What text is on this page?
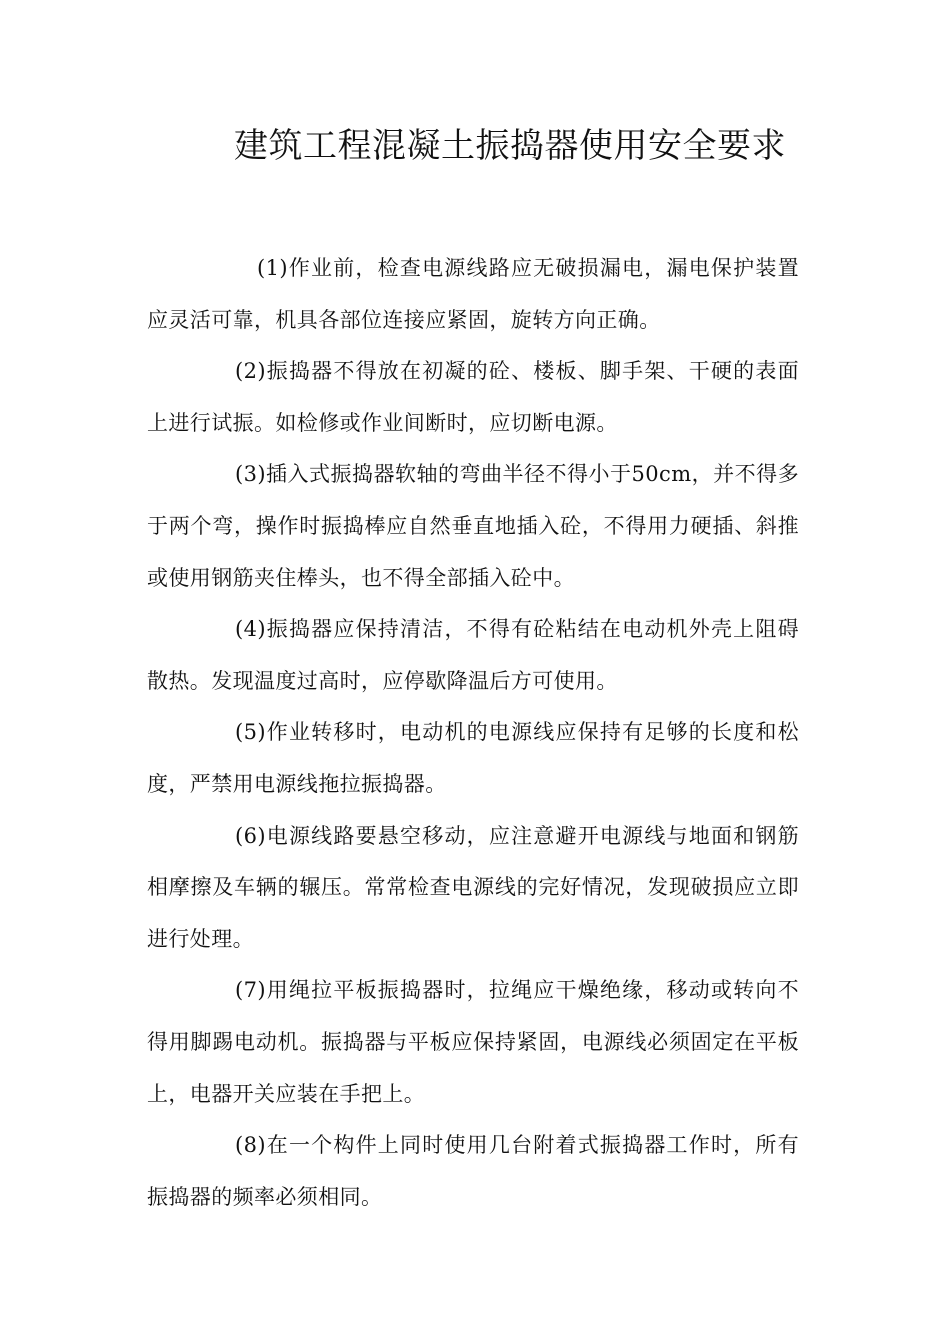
建筑工程混凝土振捣器使用安全要求

(1)作业前，检查电源线路应无破损漏电，漏电保护装置应灵活可靠，机具各部位连接应紧固，旋转方向正确。

(2)振捣器不得放在初凝的砼、楼板、脚手架、干硬的表面上进行试振。如检修或作业间断时，应切断电源。

(3)插入式振捣器软轴的弯曲半径不得小于50cm，并不得多于两个弯，操作时振捣棒应自然垂直地插入砼，不得用力硬插、斜推或使用钢筋夹住棒头，也不得全部插入砼中。

(4)振捣器应保持清洁，不得有砼粘结在电动机外壳上阻碍散热。发现温度过高时，应停歇降温后方可使用。

(5)作业转移时，电动机的电源线应保持有足够的长度和松度，严禁用电源线拖拉振捣器。

(6)电源线路要悬空移动，应注意避开电源线与地面和钢筋相摩擦及车辆的辗压。常常检查电源线的完好情况，发现破损应立即进行处理。

(7)用绳拉平板振捣器时，拉绳应干燥绝缘，移动或转向不得用脚踢电动机。振捣器与平板应保持紧固，电源线必须固定在平板上，电器开关应装在手把上。

(8)在一个构件上同时使用几台附着式振捣器工作时，所有振捣器的频率必须相同。
